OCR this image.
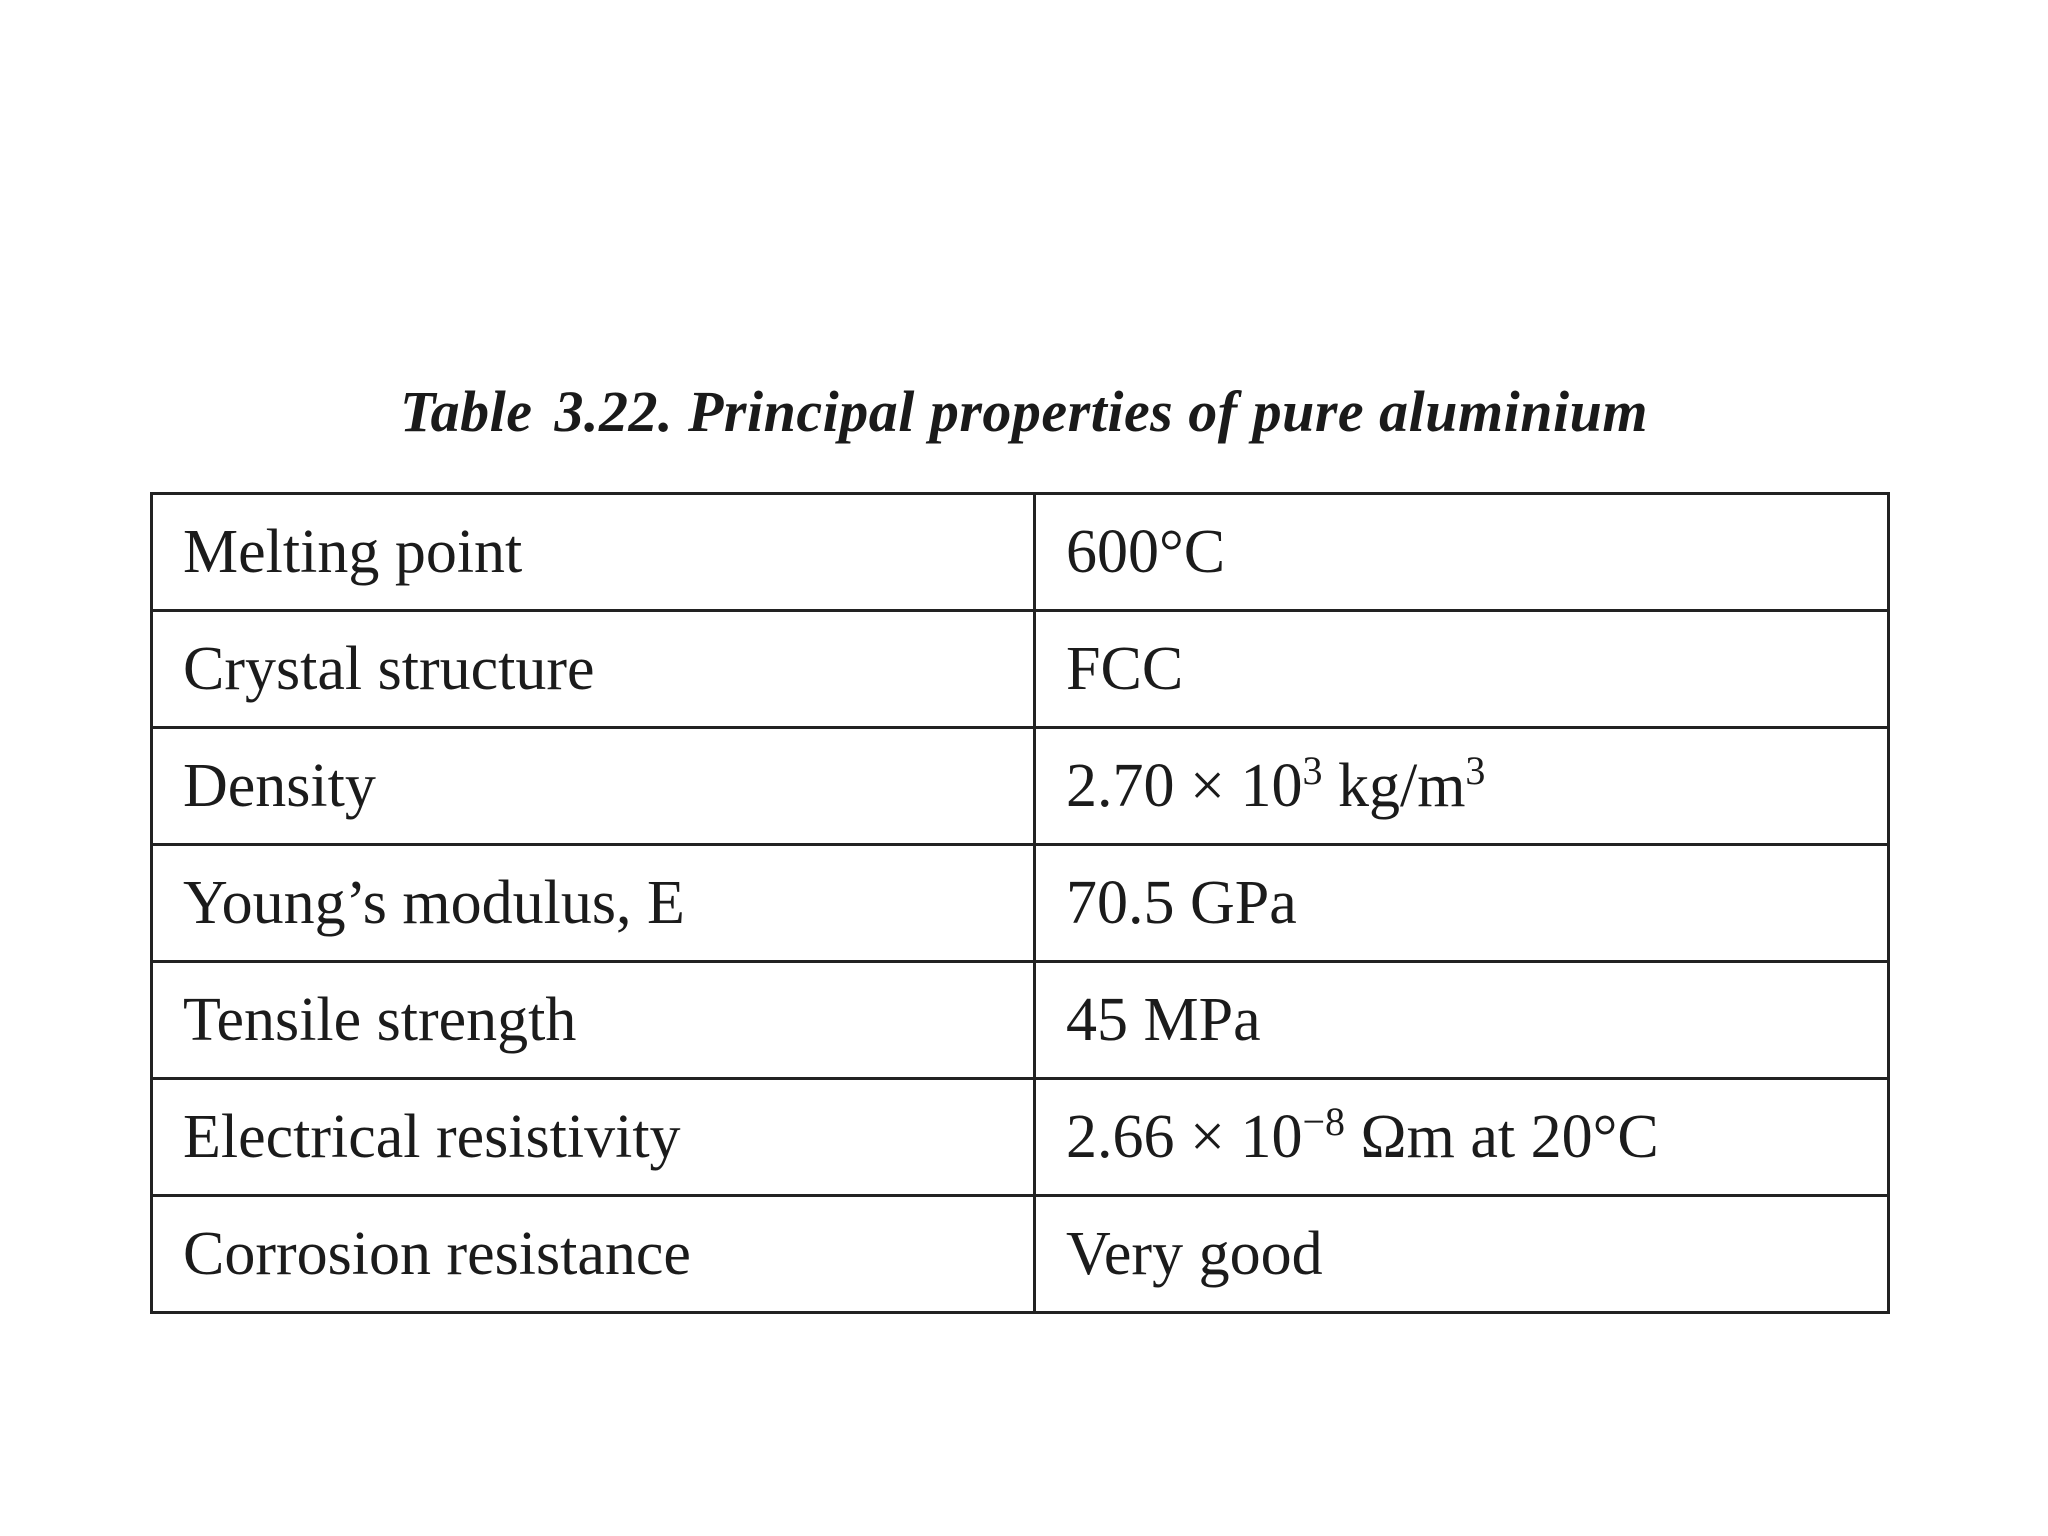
Table 3.22. Principal properties of pure aluminium
Melting point	600°C
Crystal structure	FCC
Density	$2.70 \times 10^3$ $kg/m^3$
Young’s modulus, E	70.5 GPa
Tensile strength	45 MPa
Electrical resistivity	$2.66 \times 10^{-8}$ Ωm at 20°C
Corrosion resistance	Very good
